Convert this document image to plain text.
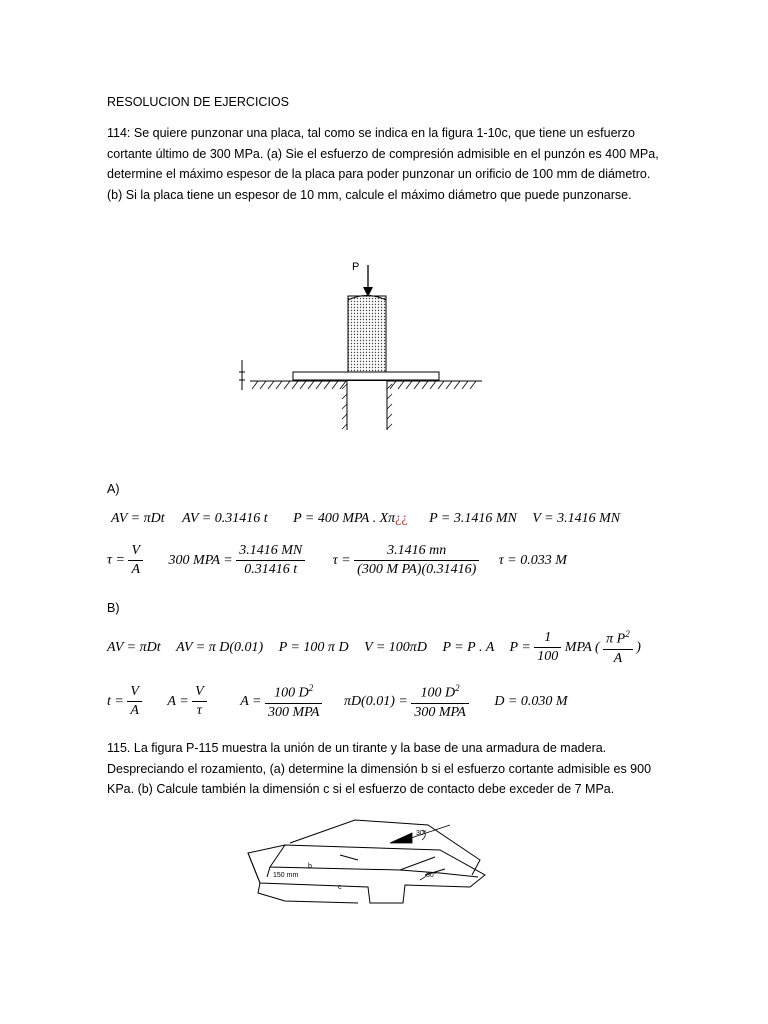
RESOLUCION DE EJERCICIOS
114: Se quiere punzonar una placa, tal como se indica en la figura 1-10c, que tiene un esfuerzo
cortante último de 300 MPa. (a) Sie el esfuerzo de compresión admisible en el punzón es 400 MPa,
determine el máximo espesor de la placa para poder punzonar un orificio de 100 mm de diámetro.
(b) Si la placa tiene un espesor de 10 mm, calcule el máximo diámetro que puede punzonarse.
P
A)
AV = πDt AV = 0.31416 t P = 400 MPA . Xπ¿¿ P = 3.1416 MN V = 3.1416 MN
$\tau = \frac{V}{A} 300$ MPA = $\frac{3.1416 MN}{0.31416 t}$ $\tau = \frac{3.1416 mn}{\text{(300 M PA)(0.31416)}}$ τ = 0.033 M
B)
AV = πDt AV = π D(0.01) P = 100 π D V = 100πD P = P . A $P = \frac{1}{100}$ MPA ( $\frac{\pi P^2}{A}$ )
$t = \frac{V}{A}$ $A = \frac{V}{\tau}$ $A = \frac{100 D^2}{\text{300 MPA}} \pi D(0.01) = \frac{100 D^2}{\text{300 MPA}}$ D = 0.030 M
115. La figura P-115 muestra la unión de un tirante y la base de una armadura de madera.
Despreciando el rozamiento, (a) determine la dimensión b si el esfuerzo cortante admisible es 900
KPa. (b) Calcule también la dimensión c si el esfuerzo de contacto debe exceder de 7 MPa.
30°
30°
150 mm
b
c
